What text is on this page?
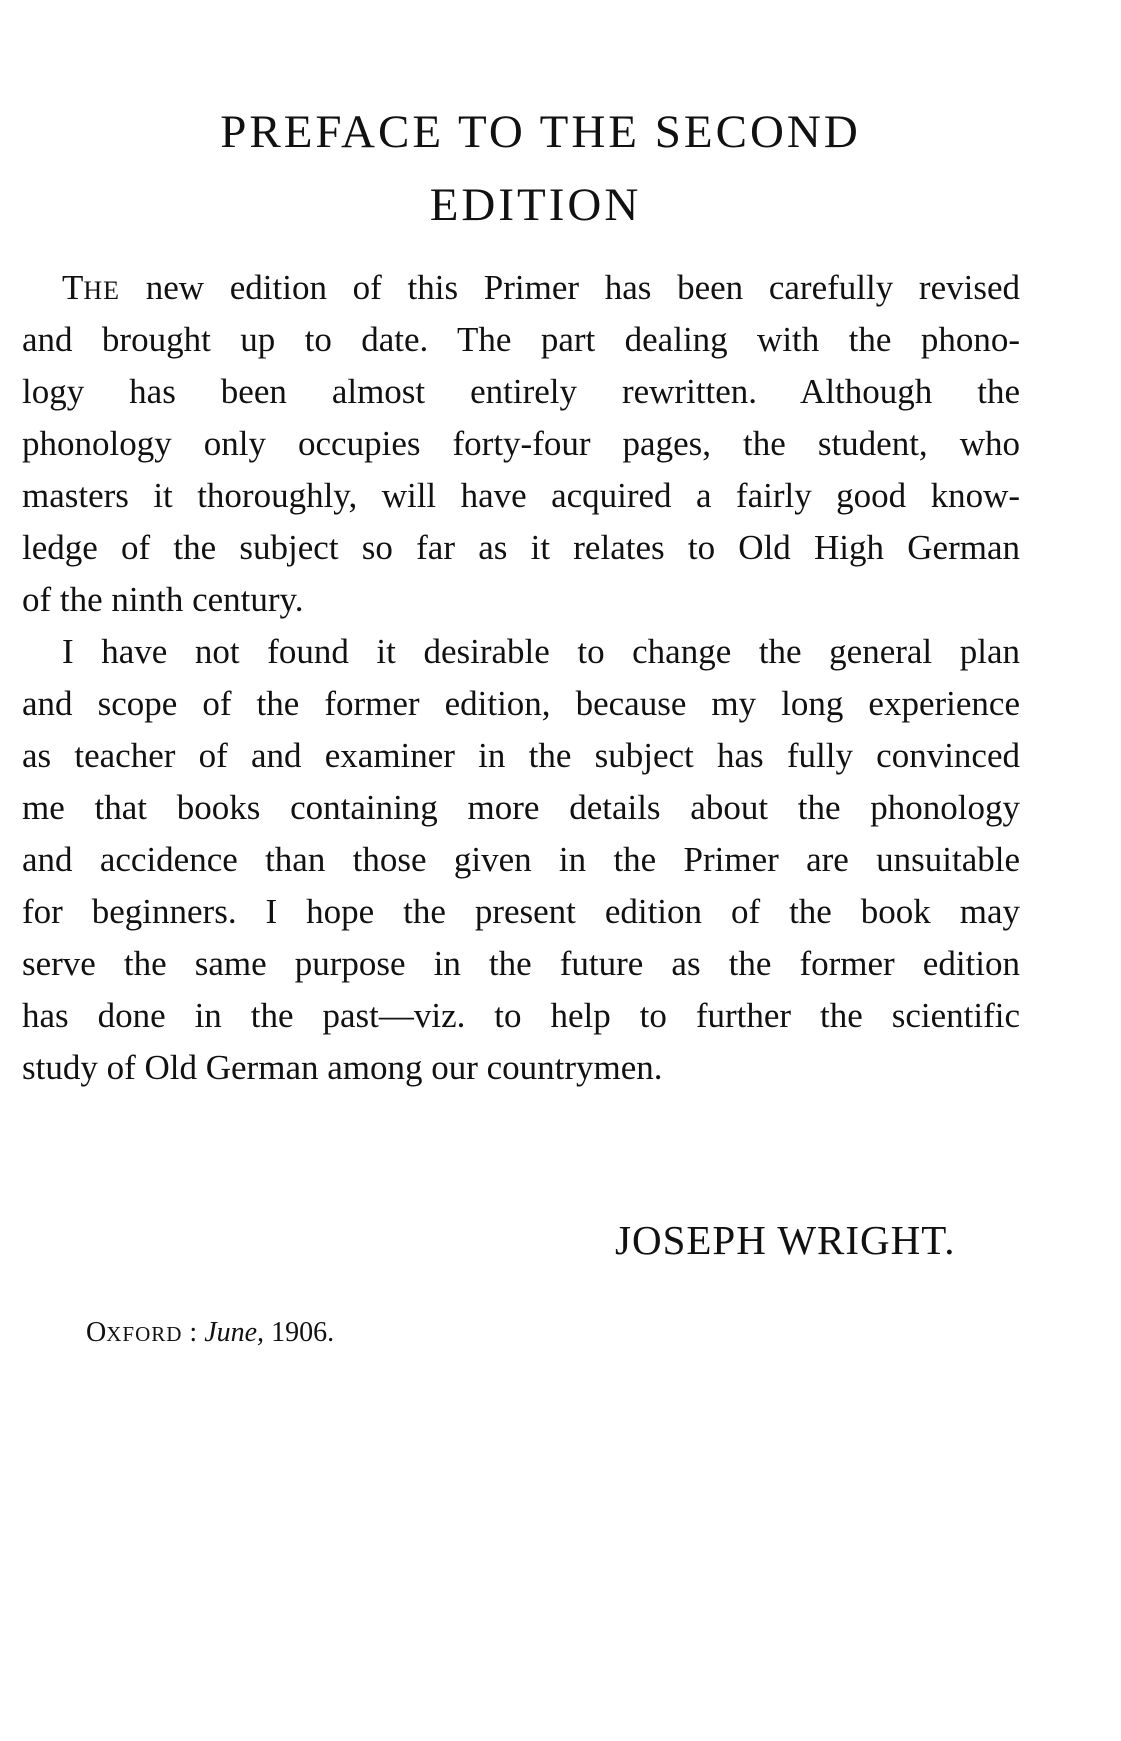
PREFACE TO THE SECOND
EDITION
THE new edition of this Primer has been carefully revised
and brought up to date. The part dealing with the phono-
logy has been almost entirely rewritten. Although the
phonology only occupies forty-four pages, the student, who
masters it thoroughly, will have acquired a fairly good know-
ledge of the subject so far as it relates to Old High German
of the ninth century.
I have not found it desirable to change the general plan
and scope of the former edition, because my long experience
as teacher of and examiner in the subject has fully convinced
me that books containing more details about the phonology
and accidence than those given in the Primer are unsuitable
for beginners. I hope the present edition of the book may
serve the same purpose in the future as the former edition
has done in the past—viz. to help to further the scientific
study of Old German among our countrymen.
JOSEPH WRIGHT.
OXFORD : June, 1906.
